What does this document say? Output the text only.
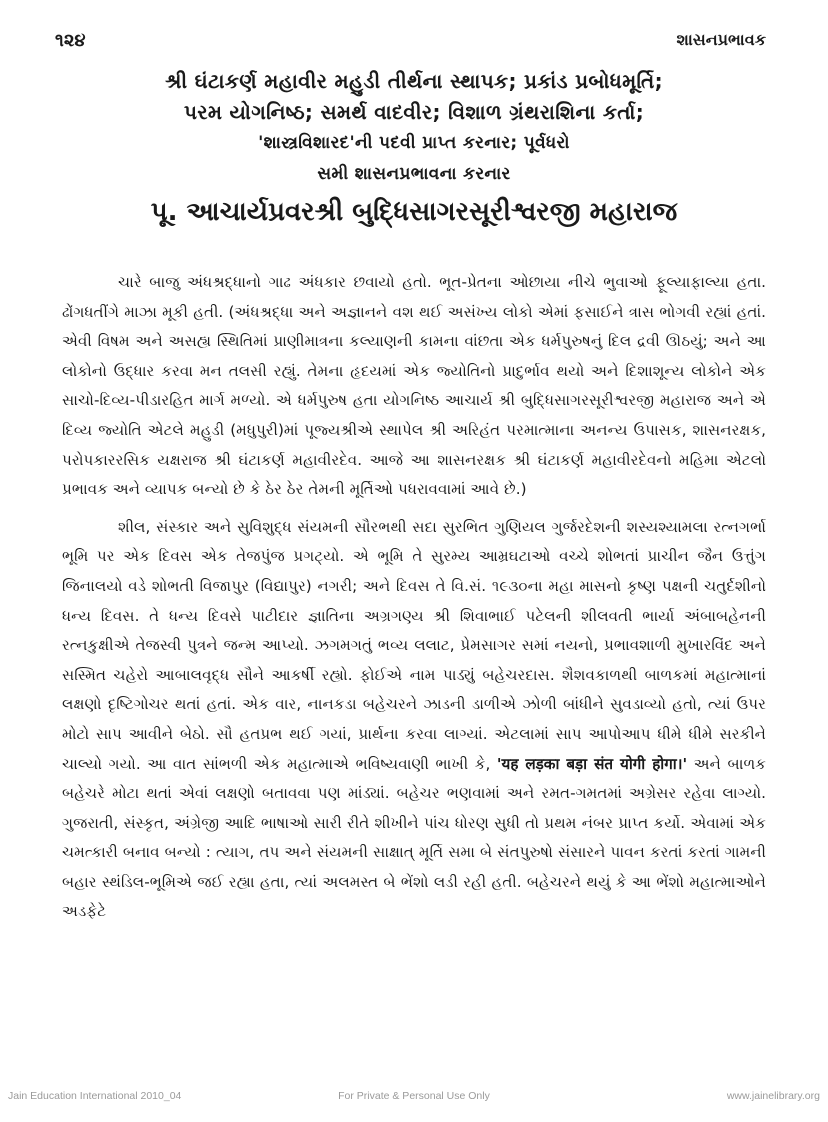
૧૨૪	શાસનપ્રભાવક
શ્રી ઘંટાકર્ણ મહાવીર મહુડી તીર્થના સ્થાપક; પ્રકાંડ પ્રબોધમૂર્તિ;
પરમ યોગનિષ્ઠ; સમર્થ વાદવીર; વિશાળ ગ્રંથરાશિના કર્તા;
'શાસ્ત્રવિશારદ'ની પદવી પ્રાપ્ત કરનાર; પૂર્વધરો
સમી શાસનપ્રભાવના કરનાર
પૂ. આચાર્યપ્રવરશ્રી બુદ્ધિસાગરસૂરીશ્વરજી મહારાજ

ચારે બાજુ અંધશ્રદ્ધાનો ગાઢ અંધકાર છવાયો હતો. ભૂત-પ્રેતના ઓછાયા નીચે ભુવાઓ ફૂલ્યાફાલ્યા હતા. ઢોંગધતીંગે માઝા મૂકી હતી. (અંધશ્રદ્ધા અને અજ્ઞાનને વશ થઈ અસંખ્ય લોકો એમાં ફસાઈને ત્રાસ ભોગવી રહ્યાં હતાં. એવી વિષમ અને અસહ્ય સ્થિતિમાં પ્રાણીમાત્રના કલ્યાણની કામના વાંછતા એક ધર્મપુરુષનું દિલ દ્રવી ઊઠયું; અને આ લોકોનો ઉદ્ધાર કરવા મન તલસી રહ્યું. તેમના હૃદયમાં એક જ્યોતિનો પ્રાદુર્ભાવ થયો અને દિશાશૂન્ય લોકોને એક સાચો-દિવ્ય-પીડારહિત માર્ગ મળ્યો. એ ધર્મપુરુષ હતા યોગનિષ્ઠ આચાર્ય શ્રી બુદ્ધિસાગરસૂરીશ્વરજી મહારાજ અને એ દિવ્ય જ્યોતિ એટલે મહુડી (મધુપુરી)માં પૂજ્યશ્રીએ સ્થાપેલ શ્રી અરિહંત પરમાત્માના અનન્ય ઉપાસક, શાસનરક્ષક, પરોપકારરસિક યક્ષરાજ શ્રી ઘંટાકર્ણ મહાવીરદેવ. આજે આ શાસનરક્ષક શ્રી ઘંટાકર્ણ મહાવીરદેવનો મહિમા એટલો પ્રભાવક અને વ્યાપક બન્યો છે કે ઠેર ઠેર તેમની મૂર્તિઓ પધરાવવામાં આવે છે.)

શીલ, સંસ્કાર અને સુવિશુદ્ધ સંયમની સૌરભથી સદા સુરભિત ગુણિયલ ગુર્જરદેશની શસ્યશ્યામલા રત્નગર્ભા ભૂમિ પર એક દિવસ એક તેજપુંજ પ્રગટ્યો. એ ભૂમિ તે સુરમ્ય આમ્રઘટાઓ વચ્ચે શોભતાં પ્રાચીન જૈન ઉત્તુંગ જિનાલયો વડે શોભતી વિજાપુર (વિદ્યાપુર) નગરી; અને દિવસ તે વિ.સં. ૧૯૩૦ના મહા માસનો કૃષ્ણ પક્ષની ચતુર્દશીનો ધન્ય દિવસ. તે ધન્ય દિવસે પાટીદાર જ્ઞાતિના અગ્રગણ્ય શ્રી શિવાભાઈ પટેલની શીલવતી ભાર્યા અંબાબહેનની રત્નકુક્ષીએ તેજસ્વી પુત્રને જન્મ આપ્યો. ઝગમગતું ભવ્ય લલાટ, પ્રેમસાગર સમાં નયનો, પ્રભાવશાળી મુખારવિંદ અને સસ્મિત ચહેરો આબાલવૃદ્ધ સૌને આકર્ષી રહ્યો. ફોઈએ નામ પાડ્યું બહેચરદાસ. શૈશવકાળથી બાળકમાં મહાત્માનાં લક્ષણો દૃષ્ટિગોચર થતાં હતાં. એક વાર, નાનકડા બહેચરને ઝાડની ડાળીએ ઝોળી બાંધીને સુવડાવ્યો હતો, ત્યાં ઉપર મોટો સાપ આવીને બેઠો. સૌ હતપ્રભ થઈ ગયાં, પ્રાર્થના કરવા લાગ્યાં. એટલામાં સાપ આપોઆપ ધીમે ધીમે સરકીને ચાલ્યો ગયો. આ વાત સાંભળી એક મહાત્માએ ભવિષ્યવાણી ભાખી કે, 'यह लड़का बड़ा संत योगी होगा।' અને બાળક બહેચરે મોટા થતાં એવાં લક્ષણો બતાવવા પણ માંડ્યાં. બહેચર ભણવામાં અને રમત-ગમતમાં અગ્રેસર રહેવા લાગ્યો. ગુજરાતી, સંસ્કૃત, અંગ્રેજી આદિ ભાષાઓ સારી રીતે શીખીને પાંચ ધોરણ સુધી તો પ્રથમ નંબર પ્રાપ્ત કર્યો. એવામાં એક ચમત્કારી બનાવ બન્યો : ત્યાગ, તપ અને સંયમની સાક્ષાત્ મૂર્તિ સમા બે સંતપુરુષો સંસારને પાવન કરતાં કરતાં ગામની બહાર સ્થંડિલ-ભૂમિએ જઈ રહ્યા હતા, ત્યાં અલમસ્ત બે ભેંશો લડી રહી હતી. બહેચરને થયું કે આ ભેંશો મહાત્માઓને અડફેટે

Jain Education International 2010_04	For Private & Personal Use Only	www.jainelibrary.org
